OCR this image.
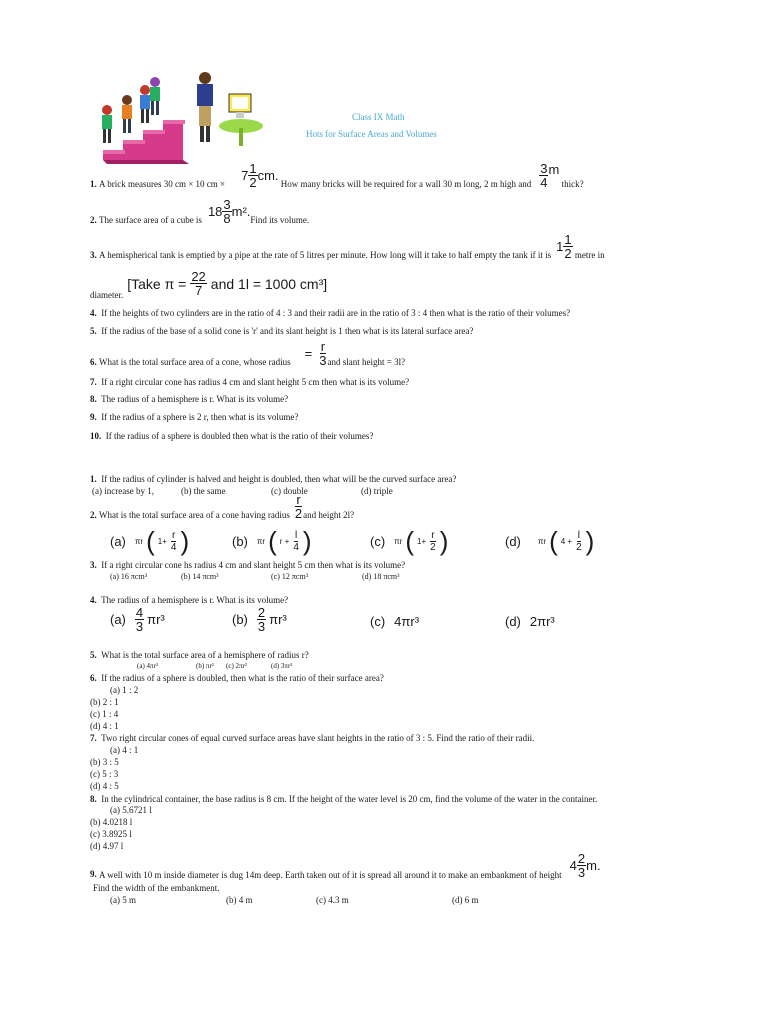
Class IX Math
Hots for Surface Areas and Volumes
1.
A brick measures 30 cm × 10 cm ×
$7 \frac{1}{2}$ cm.

How many bricks will be required for a wall 30 m long, 2 m high and $\frac{3}{4}$ m

thick?
2.
The surface area of a cube is
$18 \frac{3}{8} m^2$.
Find its volume.
3.
A hemispherical tank is emptied by a pipe at the rate of 5 litres per minute. How long will it take to half empty the tank if it is
$1 \frac{1}{2}$
metre in
diameter.
[Take $\pi = \frac{22}{7}$ and 1l = 1000 cm³]
4. If the heights of two cylinders are in the ratio of 4 : 3 and their radii are in the ratio of 3 : 4 then what is the ratio of their volumes?
5. If the radius of the base of a solid cone is 'r' and its slant height is 1 then what is its lateral surface area?
6.
What is the total surface area of a cone, whose radius
= $\frac{r}{3}$ and slant height = 3l?
7. If a right circular cone has radius 4 cm and slant height 5 cm then what is its volume?
8. The radius of a hemisphere is r. What is its volume?
9. If the radius of a sphere is 2 r, then what is its volume?
10. If the radius of a sphere is doubled then what is the ratio of their volumes?
1. If the radius of cylinder is halved and height is doubled, then what will be the curved surface area?
(a) increase by 1,	(b) the same	(c) double	(d) triple
2.
What is the total surface area of a cone having radius $\frac{r}{2}$ and height 2l?
(a) πr ( $1+ \frac{r}{4}$ )	(b) πr ( $r + \frac{l}{4}$ )	(c) πr ( $1+ \frac{r}{2}$ )	(d) πr ( $4 + \frac{l}{2}$ )
3. If a right circular cone hs radius 4 cm and slant height 5 cm then what is its volume?
(a) 16 πcm³	(b) 14 πcm³	(c) 12 πcm³	(d) 18 πcm³
4. The radius of a hemisphere is r. What is its volume?
$(a) \frac{4}{3} \pi r^3$	$(b) \frac{2}{3} \pi r^3$	(c) 4πr³	(d) 2πr³
5. What is the total surface area of a hemisphere of radius r?
(a) 4πr²	(b) πr² (c) 2πr²	(d) 3πr²
6. If the radius of a sphere is doubled, then what is the ratio of their surface area?
(a) 1 : 2
(b) 2 : 1
(c) 1 : 4
(d) 4 : 1
7. Two right circular cones of equal curved surface areas have slant heights in the ratio of 3 : 5. Find the ratio of their radii.
(a) 4 : 1
(b) 3 : 5
(c) 5 : 3
(d) 4 : 5
8. In the cylindrical container, the base radius is 8 cm. If the height of the water level is 20 cm, find the volume of the water in the container.
(a) 5.6721 l
(b) 4.0218 l
(c) 3.8925 l
(d) 4.97 l
9.
A well with 10 m inside diameter is dug 14m deep. Earth taken out of it is spread all around it to make an embankment of height
$4 \frac{2}{3} m$.
Find the width of the embankment.
(a) 5 m	(b) 4 m	(c) 4.3 m	(d) 6 m
